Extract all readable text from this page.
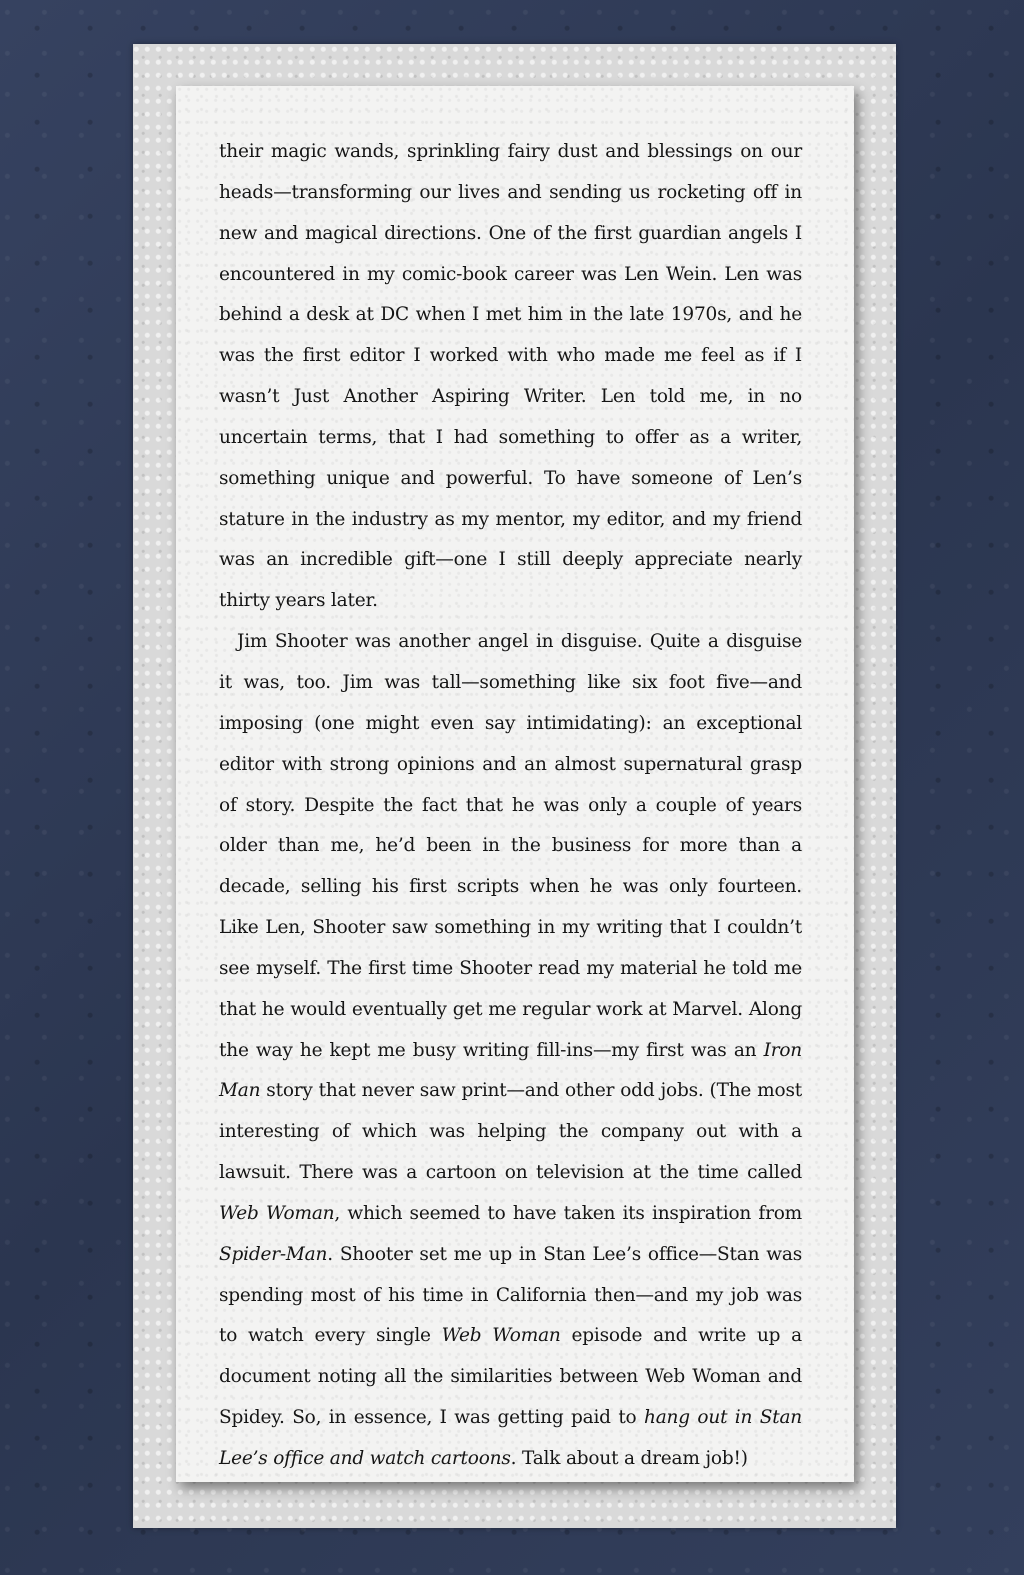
their magic wands, sprinkling fairy dust and blessings on our heads—transforming our lives and sending us rocketing off in new and magical directions. One of the first guardian angels I encountered in my comic-book career was Len Wein. Len was behind a desk at DC when I met him in the late 1970s, and he was the first editor I worked with who made me feel as if I wasn’t Just Another Aspiring Writer. Len told me, in no uncertain terms, that I had something to offer as a writer, something unique and powerful. To have someone of Len’s stature in the industry as my mentor, my editor, and my friend was an incredible gift—one I still deeply appreciate nearly thirty years later.

Jim Shooter was another angel in disguise. Quite a disguise it was, too. Jim was tall—something like six foot five—and imposing (one might even say intimidating): an exceptional editor with strong opinions and an almost supernatural grasp of story. Despite the fact that he was only a couple of years older than me, he’d been in the business for more than a decade, selling his first scripts when he was only fourteen. Like Len, Shooter saw something in my writing that I couldn’t see myself. The first time Shooter read my material he told me that he would eventually get me regular work at Marvel. Along the way he kept me busy writing fill-ins—my first was an Iron Man story that never saw print—and other odd jobs. (The most interesting of which was helping the company out with a lawsuit. There was a cartoon on television at the time called Web Woman, which seemed to have taken its inspiration from Spider-Man. Shooter set me up in Stan Lee’s office—Stan was spending most of his time in California then—and my job was to watch every single Web Woman episode and write up a document noting all the similarities between Web Woman and Spidey. So, in essence, I was getting paid to hang out in Stan Lee’s office and watch cartoons. Talk about a dream job!)
